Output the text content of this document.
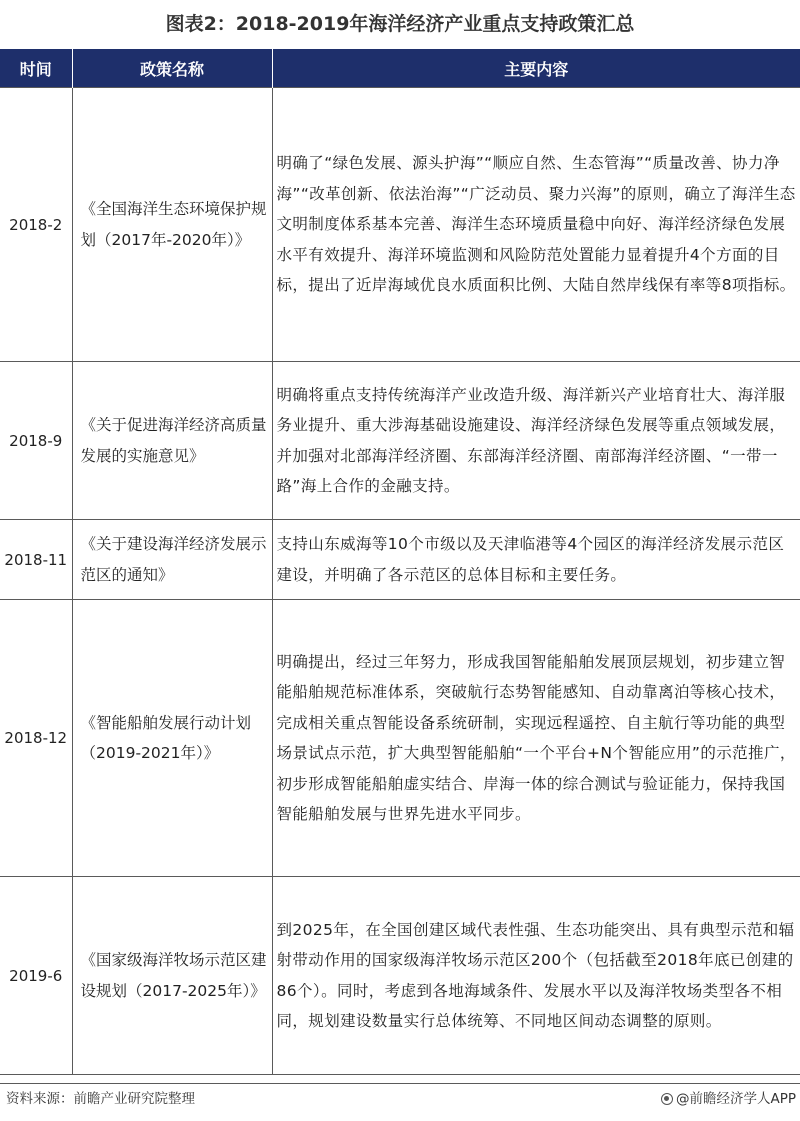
图表2：2018-2019年海洋经济产业重点支持政策汇总
时间	政策名称	主要内容
2018-2	《全国海洋生态环境保护规划（2017年-2020年）》	明确了“绿色发展、源头护海”“顺应自然、生态管海”“质量改善、协力净海”“改革创新、依法治海”“广泛动员、聚力兴海”的原则，确立了海洋生态文明制度体系基本完善、海洋生态环境质量稳中向好、海洋经济绿色发展水平有效提升、海洋环境监测和风险防范处置能力显着提升4个方面的目标，提出了近岸海域优良水质面积比例、大陆自然岸线保有率等8项指标。
2018-9	《关于促进海洋经济高质量发展的实施意见》	明确将重点支持传统海洋产业改造升级、海洋新兴产业培育壮大、海洋服务业提升、重大涉海基础设施建设、海洋经济绿色发展等重点领域发展，并加强对北部海洋经济圈、东部海洋经济圈、南部海洋经济圈、“一带一路”海上合作的金融支持。
2018-11	《关于建设海洋经济发展示范区的通知》	支持山东威海等10个市级以及天津临港等4个园区的海洋经济发展示范区建设，并明确了各示范区的总体目标和主要任务。
2018-12	《智能船舶发展行动计划（2019-2021年）》	明确提出，经过三年努力，形成我国智能船舶发展顶层规划，初步建立智能船舶规范标准体系，突破航行态势智能感知、自动靠离泊等核心技术，完成相关重点智能设备系统研制，实现远程遥控、自主航行等功能的典型场景试点示范，扩大典型智能船舶“一个平台+N个智能应用”的示范推广，初步形成智能船舶虚实结合、岸海一体的综合测试与验证能力，保持我国智能船舶发展与世界先进水平同步。
2019-6	《国家级海洋牧场示范区建设规划（2017-2025年）》	到2025年，在全国创建区域代表性强、生态功能突出、具有典型示范和辐射带动作用的国家级海洋牧场示范区200个（包括截至2018年底已创建的86个）。同时，考虑到各地海域条件、发展水平以及海洋牧场类型各不相同，规划建设数量实行总体统筹、不同地区间动态调整的原则。
资料来源：前瞻产业研究院整理	@前瞻经济学人APP
